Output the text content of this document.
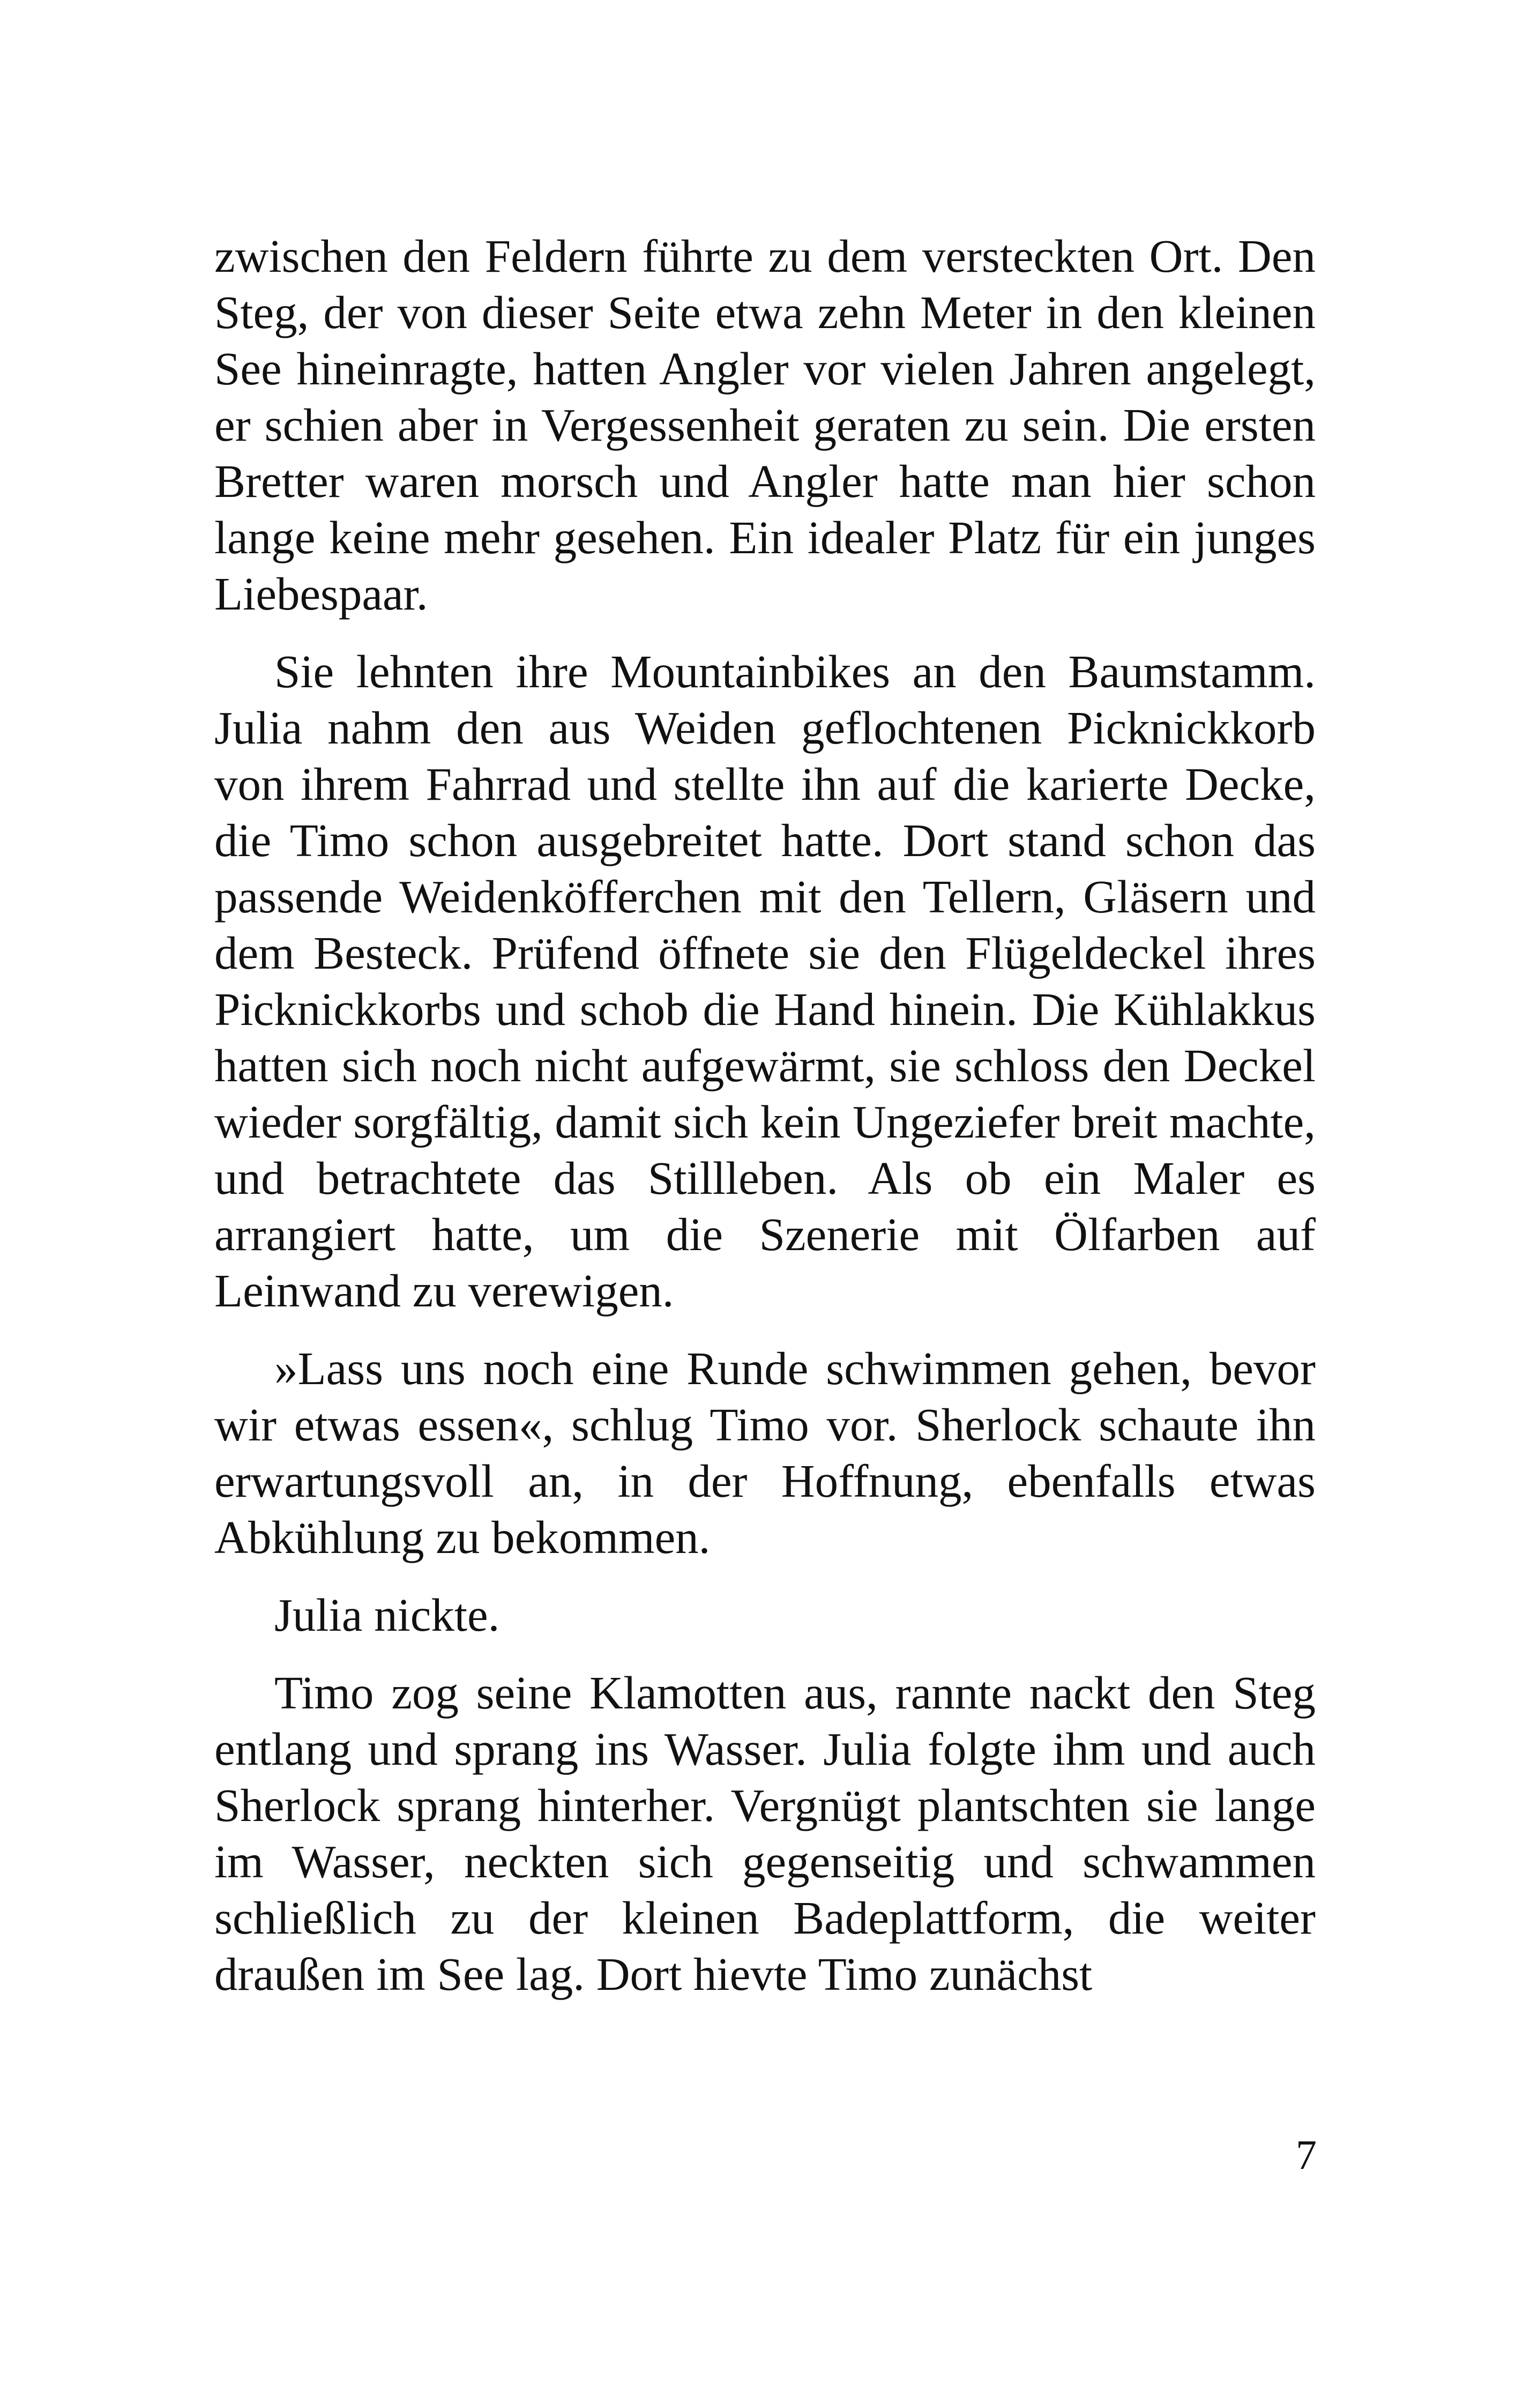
zwischen den Feldern führte zu dem versteckten Ort. Den Steg, der von dieser Seite etwa zehn Meter in den kleinen See hineinragte, hatten Angler vor vielen Jahren angelegt, er schien aber in Vergessenheit geraten zu sein. Die ersten Bretter waren morsch und Angler hatte man hier schon lange keine mehr gesehen. Ein idealer Platz für ein junges Liebespaar.

Sie lehnten ihre Mountainbikes an den Baumstamm. Julia nahm den aus Weiden geflochtenen Picknickkorb von ihrem Fahrrad und stellte ihn auf die karierte Decke, die Timo schon ausgebreitet hatte. Dort stand schon das passende Weidenköfferchen mit den Tellern, Gläsern und dem Besteck. Prüfend öffnete sie den Flügeldeckel ihres Picknickkorbs und schob die Hand hinein. Die Kühlakkus hatten sich noch nicht aufgewärmt, sie schloss den Deckel wieder sorgfältig, damit sich kein Ungeziefer breit machte, und betrachtete das Stillleben. Als ob ein Maler es arrangiert hatte, um die Szenerie mit Ölfarben auf Leinwand zu verewigen.

»Lass uns noch eine Runde schwimmen gehen, bevor wir etwas essen«, schlug Timo vor. Sherlock schaute ihn erwartungsvoll an, in der Hoffnung, ebenfalls etwas Abkühlung zu bekommen.

Julia nickte.

Timo zog seine Klamotten aus, rannte nackt den Steg entlang und sprang ins Wasser. Julia folgte ihm und auch Sherlock sprang hinterher. Vergnügt plantschten sie lange im Wasser, neckten sich gegenseitig und schwammen schließlich zu der kleinen Badeplattform, die weiter draußen im See lag. Dort hievte Timo zunächst

7
